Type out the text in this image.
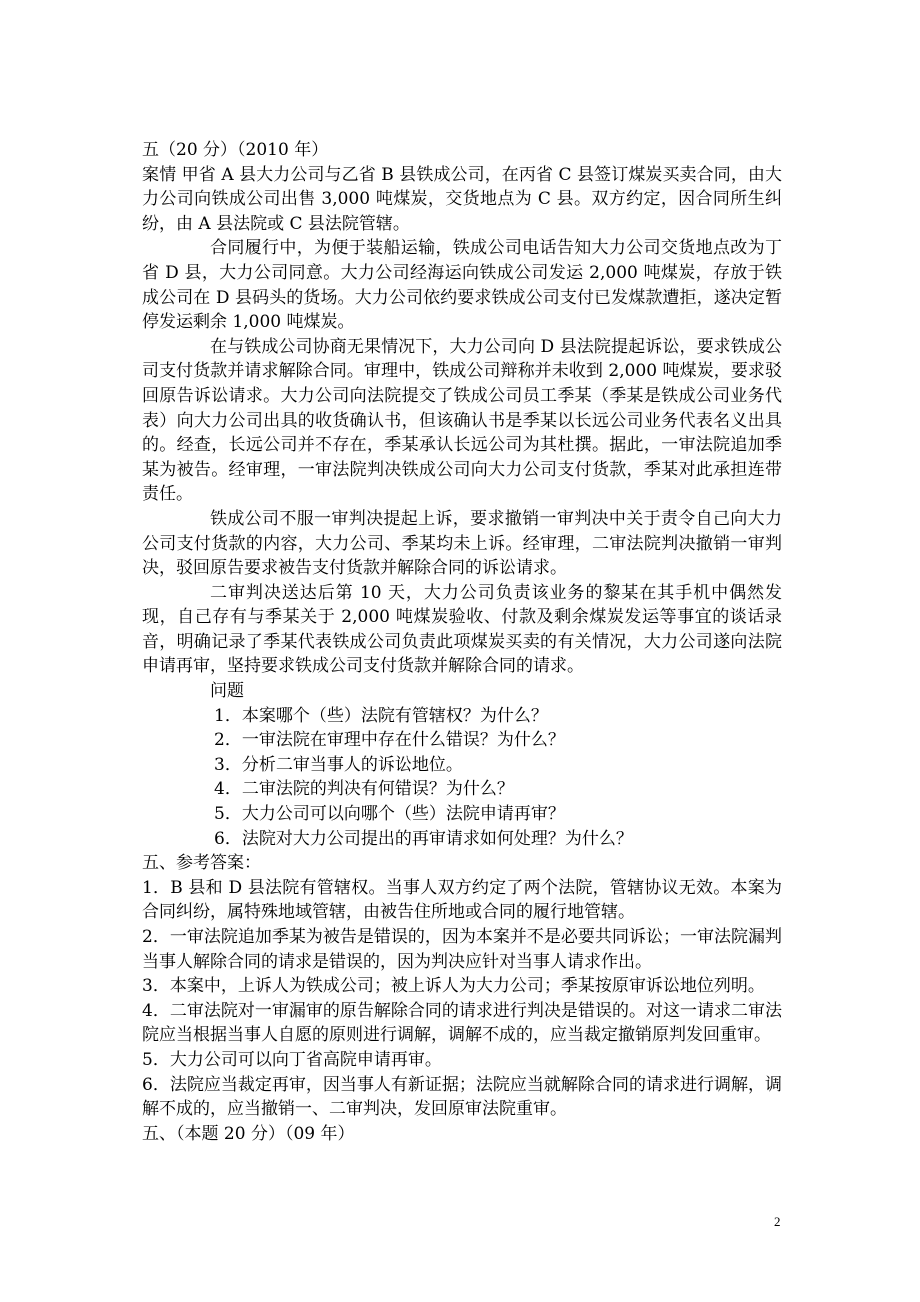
五（20 分）（2010 年）

案情 甲省 A 县大力公司与乙省 B 县铁成公司，在丙省 C 县签订煤炭买卖合同，由大力公司向铁成公司出售 3,000 吨煤炭，交货地点为 C 县。双方约定，因合同所生纠纷，由 A 县法院或 C 县法院管辖。

合同履行中，为便于装船运输，铁成公司电话告知大力公司交货地点改为丁省 D 县，大力公司同意。大力公司经海运向铁成公司发运 2,000 吨煤炭，存放于铁成公司在 D 县码头的货场。大力公司依约要求铁成公司支付已发煤款遭拒，遂决定暂停发运剩余 1,000 吨煤炭。

在与铁成公司协商无果情况下，大力公司向 D 县法院提起诉讼，要求铁成公司支付货款并请求解除合同。审理中，铁成公司辩称并未收到 2,000 吨煤炭，要求驳回原告诉讼请求。大力公司向法院提交了铁成公司员工季某（季某是铁成公司业务代表）向大力公司出具的收货确认书，但该确认书是季某以长远公司业务代表名义出具的。经查，长远公司并不存在，季某承认长远公司为其杜撰。据此，一审法院追加季某为被告。经审理，一审法院判决铁成公司向大力公司支付货款，季某对此承担连带责任。

铁成公司不服一审判决提起上诉，要求撤销一审判决中关于责令自己向大力公司支付货款的内容，大力公司、季某均未上诉。经审理，二审法院判决撤销一审判决，驳回原告要求被告支付货款并解除合同的诉讼请求。

二审判决送达后第 10 天，大力公司负责该业务的黎某在其手机中偶然发现，自己存有与季某关于 2,000 吨煤炭验收、付款及剩余煤炭发运等事宜的谈话录音，明确记录了季某代表铁成公司负责此项煤炭买卖的有关情况，大力公司遂向法院申请再审，坚持要求铁成公司支付货款并解除合同的请求。

问题

1．本案哪个（些）法院有管辖权？为什么？

2．一审法院在审理中存在什么错误？为什么？

3．分析二审当事人的诉讼地位。

4．二审法院的判决有何错误？为什么？

5．大力公司可以向哪个（些）法院申请再审？

6．法院对大力公司提出的再审请求如何处理？为什么？

五、参考答案：

1．B 县和 D 县法院有管辖权。当事人双方约定了两个法院，管辖协议无效。本案为合同纠纷，属特殊地域管辖，由被告住所地或合同的履行地管辖。

2．一审法院追加季某为被告是错误的，因为本案并不是必要共同诉讼；一审法院漏判当事人解除合同的请求是错误的，因为判决应针对当事人请求作出。

3．本案中，上诉人为铁成公司；被上诉人为大力公司；季某按原审诉讼地位列明。

4．二审法院对一审漏审的原告解除合同的请求进行判决是错误的。对这一请求二审法院应当根据当事人自愿的原则进行调解，调解不成的，应当裁定撤销原判发回重审。

5．大力公司可以向丁省高院申请再审。

6．法院应当裁定再审，因当事人有新证据；法院应当就解除合同的请求进行调解，调解不成的，应当撤销一、二审判决，发回原审法院重审。

五、（本题 20 分）（09 年）

2
